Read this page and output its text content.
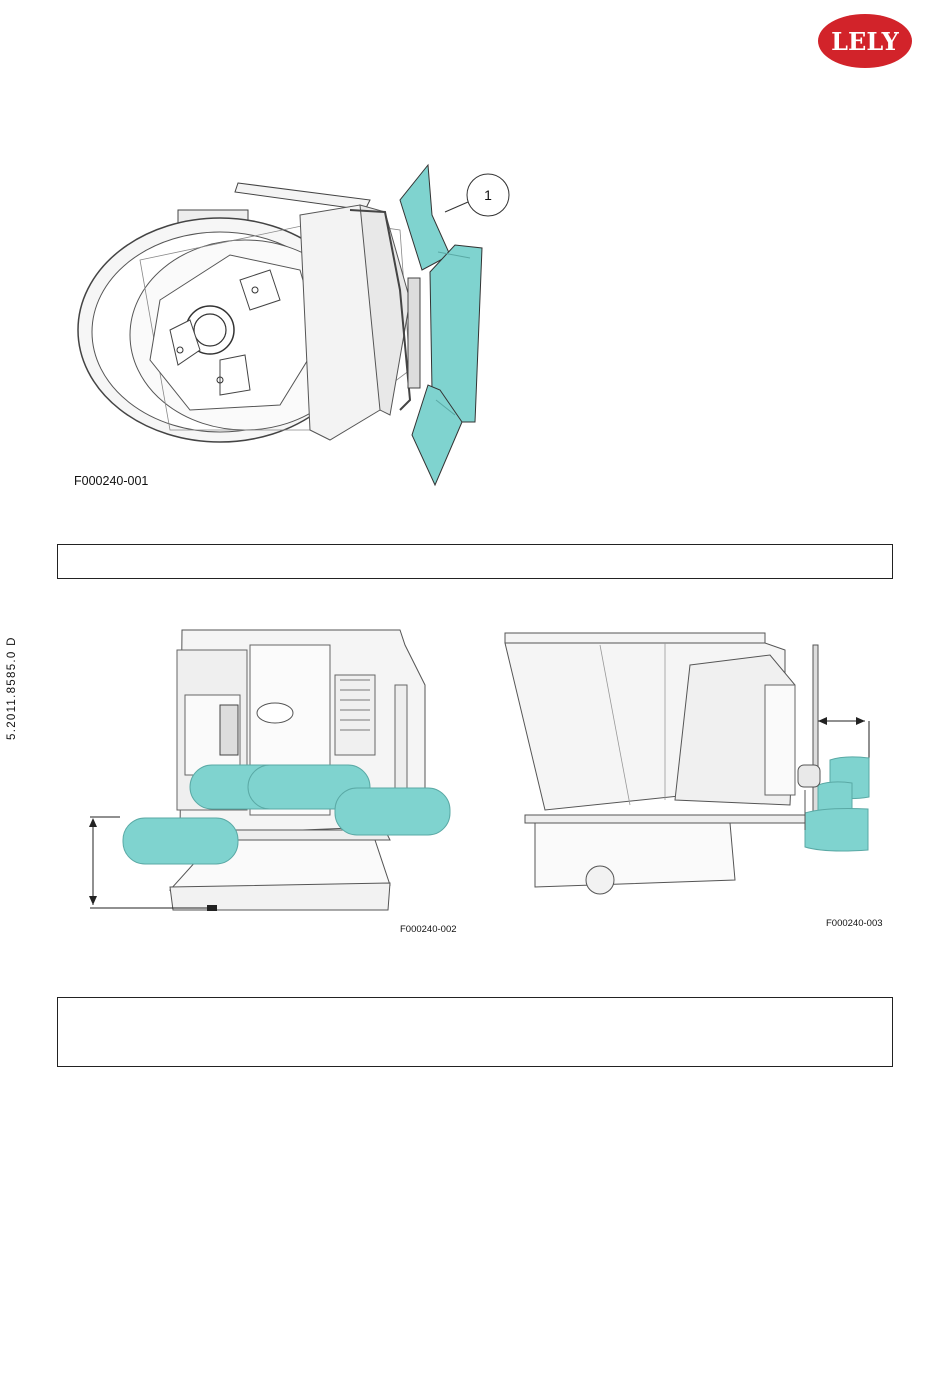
LELY
5.2011.8585.0 D
1
F000240-001
F000240-002
F000240-003
